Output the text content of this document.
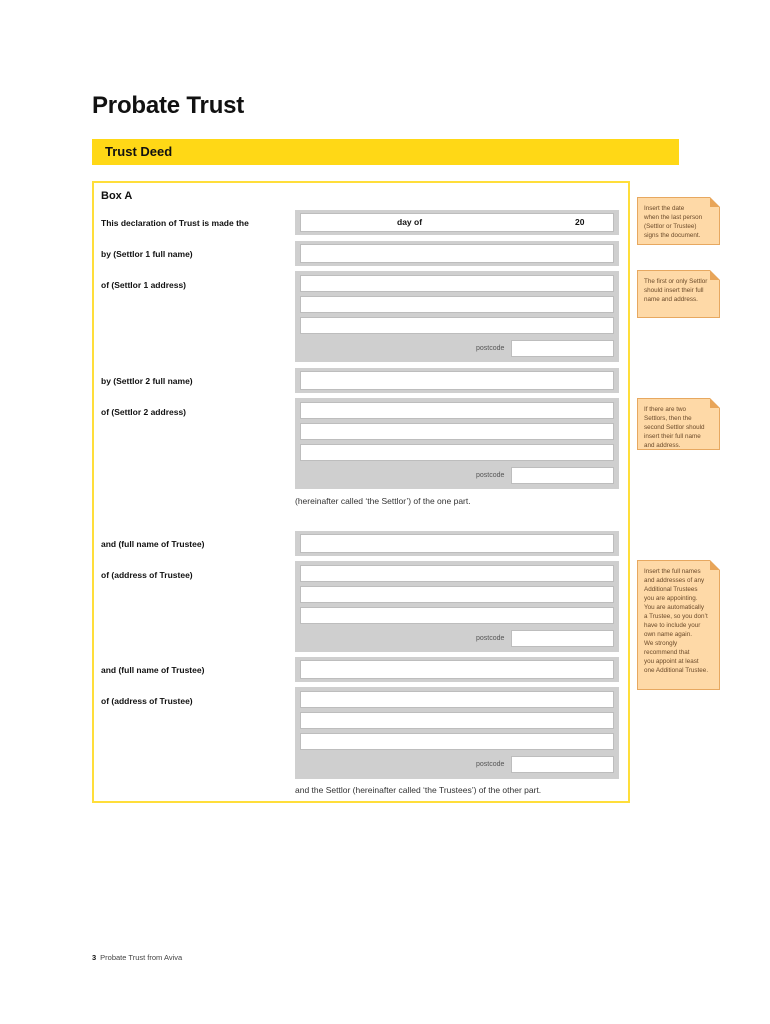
Probate Trust
Trust Deed
Box A
This declaration of Trust is made the	day of	20
by (Settlor 1 full name)
of (Settlor 1 address)
postcode
by (Settlor 2 full name)
of (Settlor 2 address)
postcode
(hereinafter called ‘the Settlor’) of the one part.
and (full name of Trustee)
of (address of Trustee)
postcode
and (full name of Trustee)
of (address of Trustee)
postcode
and the Settlor (hereinafter called ‘the Trustees’) of the other part.
Insert the date
when the last person
(Settlor or Trustee)
signs the document.
The first or only Settlor
should insert their full
name and address.
If there are two
Settlors, then the
second Settlor should
insert their full name
and address.
Insert the full names
and addresses of any
Additional Trustees
you are appointing.
You are automatically
a Trustee, so you don’t
have to include your
own name again.
We strongly
recommend that
you appoint at least
one Additional Trustee.
3 Probate Trust from Aviva
